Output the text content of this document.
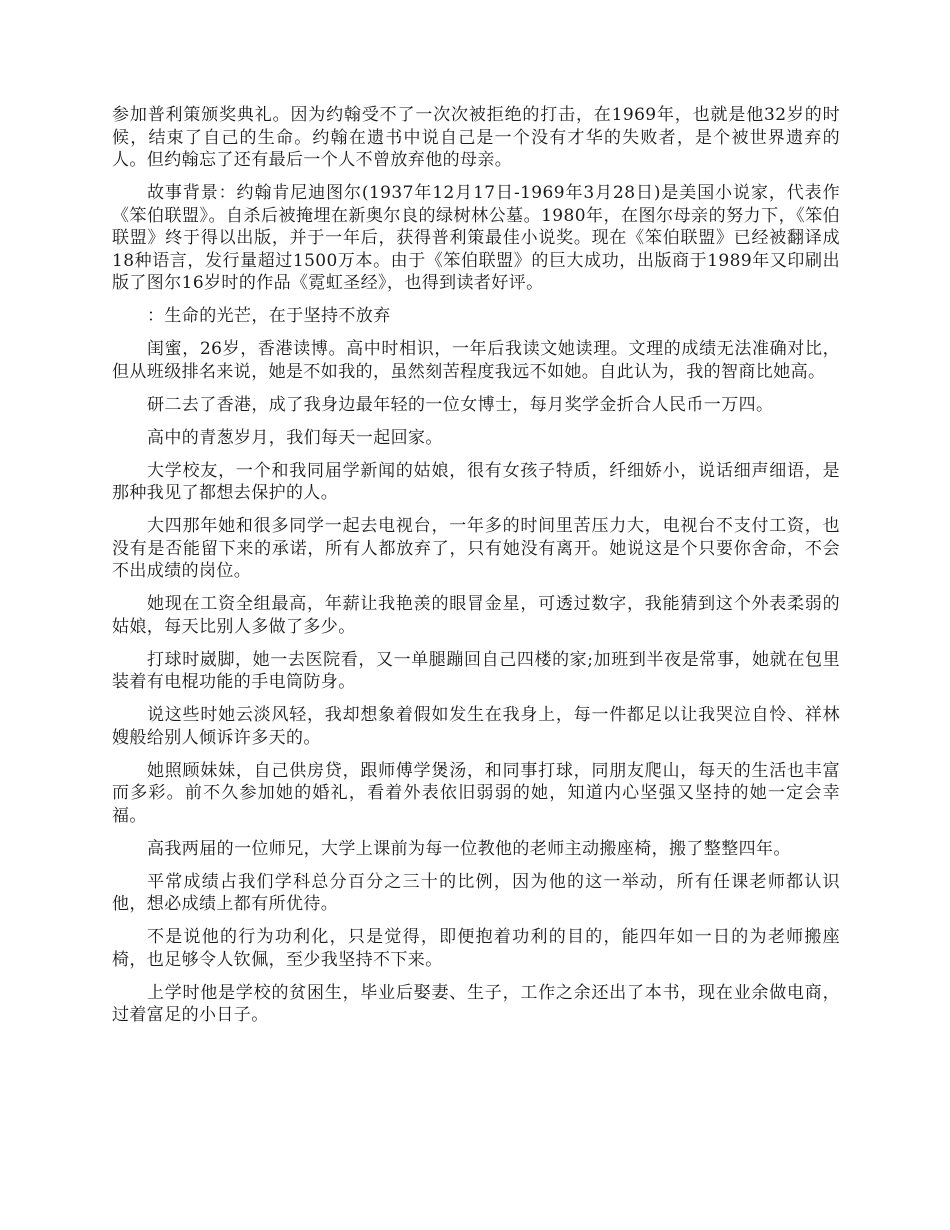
参加普利策颁奖典礼。因为约翰受不了一次次被拒绝的打击，在1969年，也就是他32岁的时候，结束了自己的生命。约翰在遗书中说自己是一个没有才华的失败者，是个被世界遗弃的人。但约翰忘了还有最后一个人不曾放弃他的母亲。

故事背景：约翰肯尼迪图尔(1937年12月17日-1969年3月28日)是美国小说家，代表作《笨伯联盟》。自杀后被掩埋在新奥尔良的绿树林公墓。1980年，在图尔母亲的努力下，《笨伯联盟》终于得以出版，并于一年后，获得普利策最佳小说奖。现在《笨伯联盟》已经被翻译成18种语言，发行量超过1500万本。由于《笨伯联盟》的巨大成功，出版商于1989年又印刷出版了图尔16岁时的作品《霓虹圣经》，也得到读者好评。

：生命的光芒，在于坚持不放弃

闺蜜，26岁，香港读博。高中时相识，一年后我读文她读理。文理的成绩无法准确对比，但从班级排名来说，她是不如我的，虽然刻苦程度我远不如她。自此认为，我的智商比她高。

研二去了香港，成了我身边最年轻的一位女博士，每月奖学金折合人民币一万四。

高中的青葱岁月，我们每天一起回家。

大学校友，一个和我同届学新闻的姑娘，很有女孩子特质，纤细娇小，说话细声细语，是那种我见了都想去保护的人。

大四那年她和很多同学一起去电视台，一年多的时间里苦压力大，电视台不支付工资，也没有是否能留下来的承诺，所有人都放弃了，只有她没有离开。她说这是个只要你舍命，不会不出成绩的岗位。

她现在工资全组最高，年薪让我艳羡的眼冒金星，可透过数字，我能猜到这个外表柔弱的姑娘，每天比别人多做了多少。

打球时崴脚，她一去医院看，又一单腿蹦回自己四楼的家;加班到半夜是常事，她就在包里装着有电棍功能的手电筒防身。

说这些时她云淡风轻，我却想象着假如发生在我身上，每一件都足以让我哭泣自怜、祥林嫂般给别人倾诉许多天的。

她照顾妹妹，自己供房贷，跟师傅学煲汤，和同事打球，同朋友爬山，每天的生活也丰富而多彩。前不久参加她的婚礼，看着外表依旧弱弱的她，知道内心坚强又坚持的她一定会幸福。

高我两届的一位师兄，大学上课前为每一位教他的老师主动搬座椅，搬了整整四年。

平常成绩占我们学科总分百分之三十的比例，因为他的这一举动，所有任课老师都认识他，想必成绩上都有所优待。

不是说他的行为功利化，只是觉得，即便抱着功利的目的，能四年如一日的为老师搬座椅，也足够令人钦佩，至少我坚持不下来。

上学时他是学校的贫困生，毕业后娶妻、生子，工作之余还出了本书，现在业余做电商，过着富足的小日子。
